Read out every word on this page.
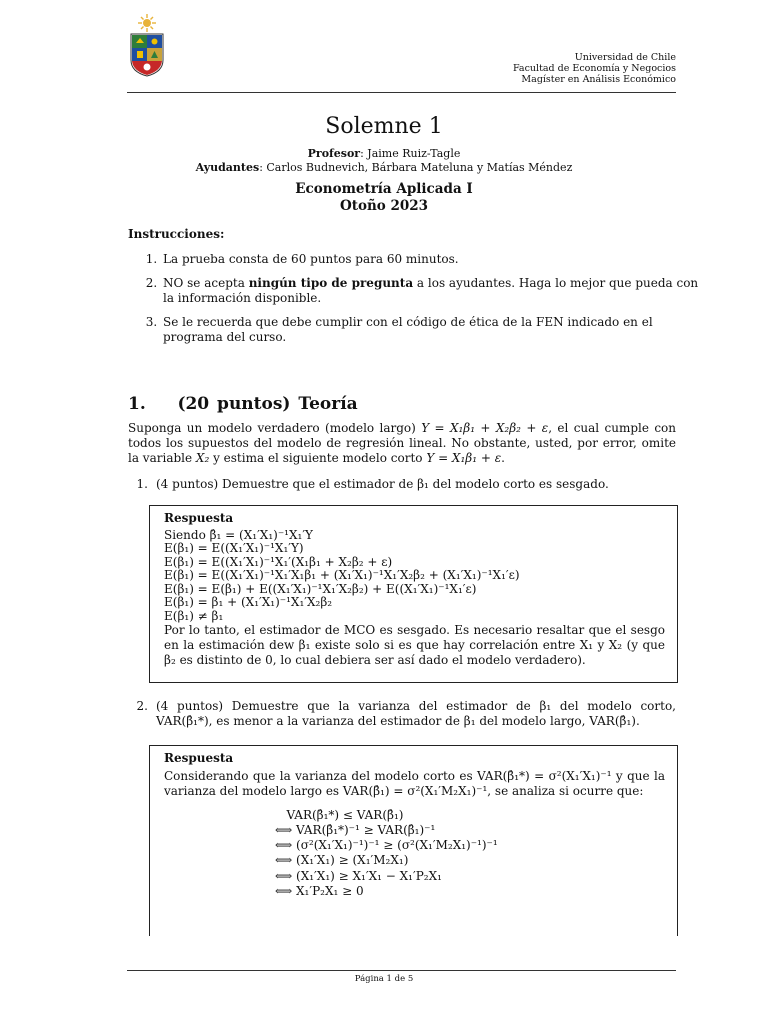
Universidad de Chile
Facultad de Economía y Negocios
Magíster en Análisis Económico
Solemne 1
Profesor: Jaime Ruiz-Tagle
Ayudantes: Carlos Budnevich, Bárbara Mateluna y Matías Méndez
Econometría Aplicada I
Otoño 2023
Instrucciones:
1. La prueba consta de 60 puntos para 60 minutos.
2. NO se acepta ningún tipo de pregunta a los ayudantes. Haga lo mejor que pueda con la información disponible.
3. Se le recuerda que debe cumplir con el código de ética de la FEN indicado en el programa del curso.
1. (20 puntos) Teoría
Suponga un modelo verdadero (modelo largo) Y = X₁β₁ + X₂β₂ + ε, el cual cumple con todos los supuestos del modelo de regresión lineal. No obstante, usted, por error, omite la variable X₂ y estima el siguiente modelo corto Y = X₁β₁ + ε.
1. (4 puntos) Demuestre que el estimador de β₁ del modelo corto es sesgado.
Respuesta
Siendo β̂₁ = (X₁′X₁)⁻¹X₁′Y
E(β₁) = E((X₁′X₁)⁻¹X₁′Y)
E(β₁) = E((X₁′X₁)⁻¹X₁′(X₁β₁ + X₂β₂ + ε)
E(β₁) = E((X₁′X₁)⁻¹X₁′X₁β₁ + (X₁′X₁)⁻¹X₁′X₂β₂ + (X₁′X₁)⁻¹X₁′ε)
E(β₁) = E(β₁) + E((X₁′X₁)⁻¹X₁′X₂β₂) + E((X₁′X₁)⁻¹X₁′ε)
E(β₁) = β₁ + (X₁′X₁)⁻¹X₁′X₂β₂
E(β₁) ≠ β₁
Por lo tanto, el estimador de MCO es sesgado. Es necesario resaltar que el sesgo en la estimación dew β₁ existe solo si es que hay correlación entre X₁ y X₂ (y que β₂ es distinto de 0, lo cual debiera ser así dado el modelo verdadero).
2. (4 puntos) Demuestre que la varianza del estimador de β₁ del modelo corto, VAR(β̂₁*), es menor a la varianza del estimador de β₁ del modelo largo, VAR(β̂₁).
Respuesta
Considerando que la varianza del modelo corto es VAR(β̂₁*) = σ²(X₁′X₁)⁻¹ y que la varianza del modelo largo es VAR(β̂₁) = σ²(X₁′M₂X₁)⁻¹, se analiza si ocurre que:
VAR(β̂₁*) ≤ VAR(β̂₁)
⟺ VAR(β̂₁*)⁻¹ ≥ VAR(β̂₁)⁻¹
⟺ (σ²(X₁′X₁)⁻¹)⁻¹ ≥ (σ²(X₁′M₂X₁)⁻¹)⁻¹
⟺ (X₁′X₁) ≥ (X₁′M₂X₁)
⟺ (X₁′X₁) ≥ X₁′X₁ − X₁′P₂X₁
⟺ X₁′P₂X₁ ≥ 0
Página 1 de 5
